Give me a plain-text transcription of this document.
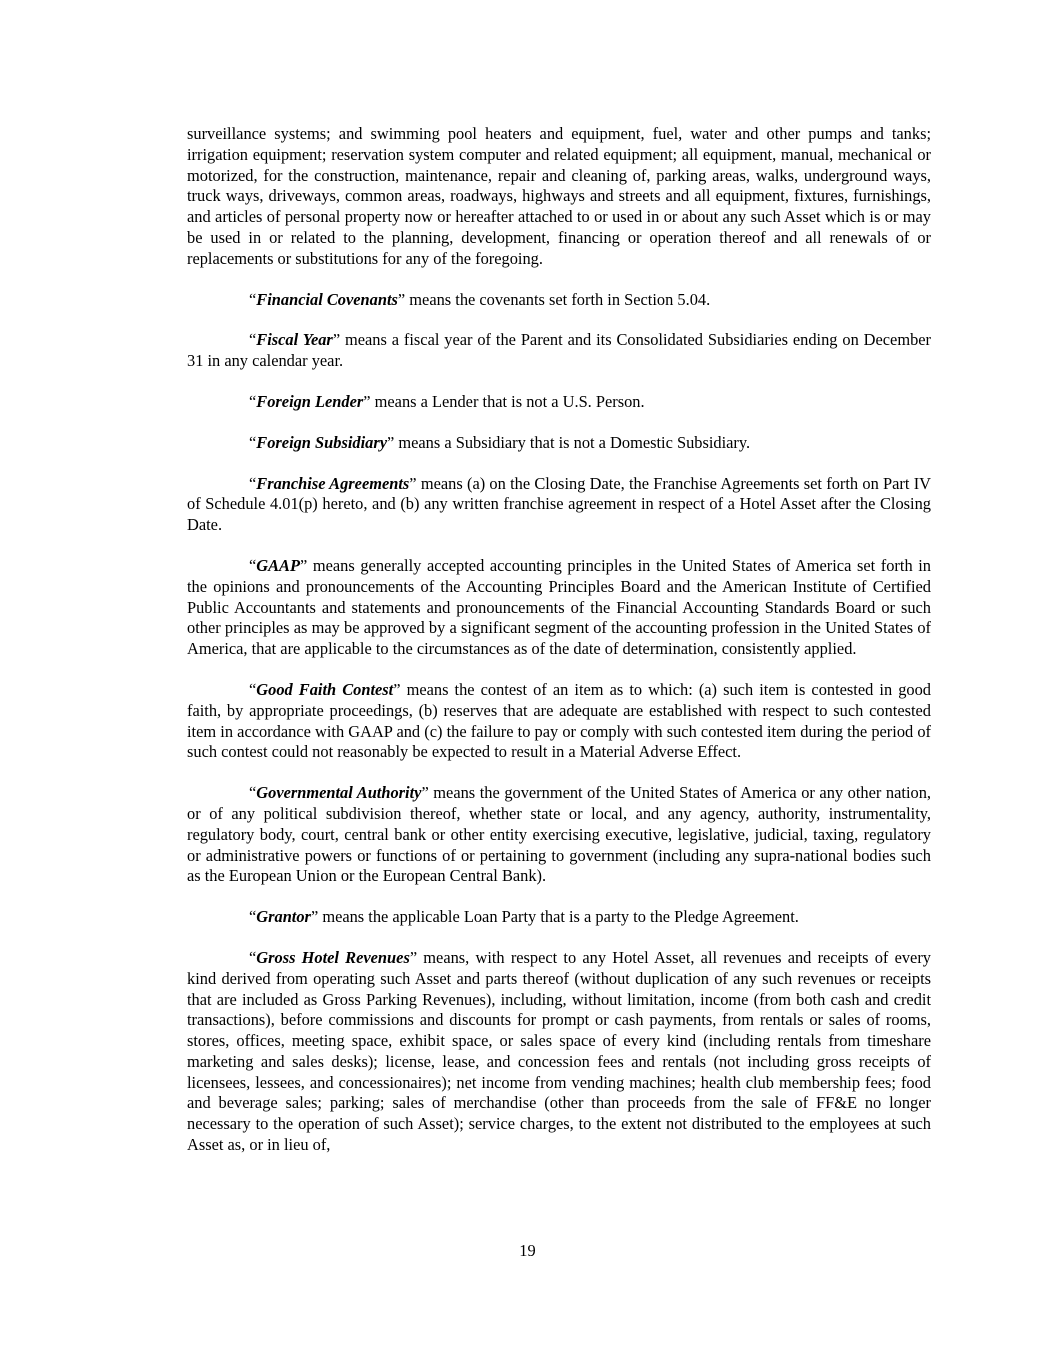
surveillance systems; and swimming pool heaters and equipment, fuel, water and other pumps and tanks; irrigation equipment; reservation system computer and related equipment; all equipment, manual, mechanical or motorized, for the construction, maintenance, repair and cleaning of, parking areas, walks, underground ways, truck ways, driveways, common areas, roadways, highways and streets and all equipment, fixtures, furnishings, and articles of personal property now or hereafter attached to or used in or about any such Asset which is or may be used in or related to the planning, development, financing or operation thereof and all renewals of or replacements or substitutions for any of the foregoing.

“Financial Covenants” means the covenants set forth in Section 5.04.

“Fiscal Year” means a fiscal year of the Parent and its Consolidated Subsidiaries ending on December 31 in any calendar year.

“Foreign Lender” means a Lender that is not a U.S. Person.

“Foreign Subsidiary” means a Subsidiary that is not a Domestic Subsidiary.

“Franchise Agreements” means (a) on the Closing Date, the Franchise Agreements set forth on Part IV of Schedule 4.01(p) hereto, and (b) any written franchise agreement in respect of a Hotel Asset after the Closing Date.

“GAAP” means generally accepted accounting principles in the United States of America set forth in the opinions and pronouncements of the Accounting Principles Board and the American Institute of Certified Public Accountants and statements and pronouncements of the Financial Accounting Standards Board or such other principles as may be approved by a significant segment of the accounting profession in the United States of America, that are applicable to the circumstances as of the date of determination, consistently applied.

“Good Faith Contest” means the contest of an item as to which: (a) such item is contested in good faith, by appropriate proceedings, (b) reserves that are adequate are established with respect to such contested item in accordance with GAAP and (c) the failure to pay or comply with such contested item during the period of such contest could not reasonably be expected to result in a Material Adverse Effect.

“Governmental Authority” means the government of the United States of America or any other nation, or of any political subdivision thereof, whether state or local, and any agency, authority, instrumentality, regulatory body, court, central bank or other entity exercising executive, legislative, judicial, taxing, regulatory or administrative powers or functions of or pertaining to government (including any supra-national bodies such as the European Union or the European Central Bank).

“Grantor” means the applicable Loan Party that is a party to the Pledge Agreement.

“Gross Hotel Revenues” means, with respect to any Hotel Asset, all revenues and receipts of every kind derived from operating such Asset and parts thereof (without duplication of any such revenues or receipts that are included as Gross Parking Revenues), including, without limitation, income (from both cash and credit transactions), before commissions and discounts for prompt or cash payments, from rentals or sales of rooms, stores, offices, meeting space, exhibit space, or sales space of every kind (including rentals from timeshare marketing and sales desks); license, lease, and concession fees and rentals (not including gross receipts of licensees, lessees, and concessionaires); net income from vending machines; health club membership fees; food and beverage sales; parking; sales of merchandise (other than proceeds from the sale of FF&E no longer necessary to the operation of such Asset); service charges, to the extent not distributed to the employees at such Asset as, or in lieu of,

19
